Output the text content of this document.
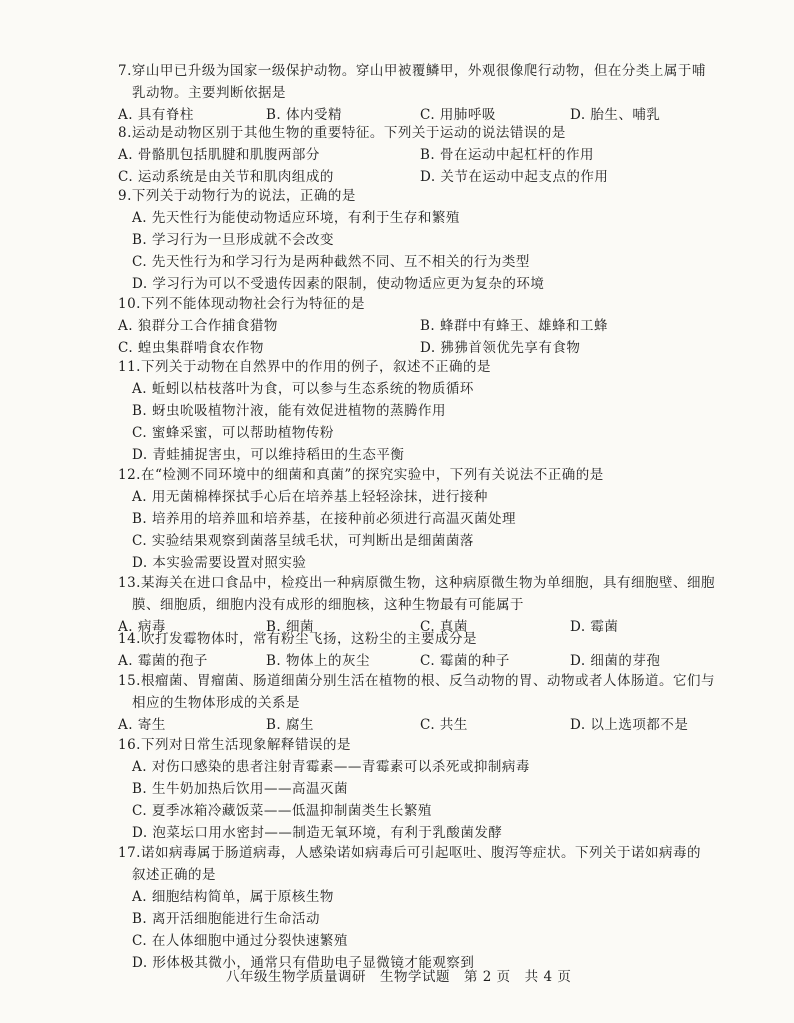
7.穿山甲已升级为国家一级保护动物。穿山甲被覆鳞甲，外观很像爬行动物，但在分类上属于哺
乳动物。主要判断依据是
A. 具有脊柱	B. 体内受精	C. 用肺呼吸	D. 胎生、哺乳
8.运动是动物区别于其他生物的重要特征。下列关于运动的说法错误的是
A. 骨骼肌包括肌腱和肌腹两部分	B. 骨在运动中起杠杆的作用
C. 运动系统是由关节和肌肉组成的	D. 关节在运动中起支点的作用
9.下列关于动物行为的说法，正确的是
A. 先天性行为能使动物适应环境，有利于生存和繁殖
B. 学习行为一旦形成就不会改变
C. 先天性行为和学习行为是两种截然不同、互不相关的行为类型
D. 学习行为可以不受遗传因素的限制，使动物适应更为复杂的环境
10.下列不能体现动物社会行为特征的是
A. 狼群分工合作捕食猎物	B. 蜂群中有蜂王、雄蜂和工蜂
C. 蝗虫集群啃食农作物	D. 狒狒首领优先享有食物
11.下列关于动物在自然界中的作用的例子，叙述不正确的是
A. 蚯蚓以枯枝落叶为食，可以参与生态系统的物质循环
B. 蚜虫吮吸植物汁液，能有效促进植物的蒸腾作用
C. 蜜蜂采蜜，可以帮助植物传粉
D. 青蛙捕捉害虫，可以维持稻田的生态平衡
12.在“检测不同环境中的细菌和真菌”的探究实验中，下列有关说法不正确的是
A. 用无菌棉棒探拭手心后在培养基上轻轻涂抹，进行接种
B. 培养用的培养皿和培养基，在接种前必须进行高温灭菌处理
C. 实验结果观察到菌落呈绒毛状，可判断出是细菌菌落
D. 本实验需要设置对照实验
13.某海关在进口食品中，检疫出一种病原微生物，这种病原微生物为单细胞，具有细胞壁、细胞
膜、细胞质，细胞内没有成形的细胞核，这种生物最有可能属于
A. 病毒	B. 细菌	C. 真菌	D. 霉菌
14.吹打发霉物体时，常有粉尘飞扬，这粉尘的主要成分是
A. 霉菌的孢子	B. 物体上的灰尘	C. 霉菌的种子	D. 细菌的芽孢
15.根瘤菌、胃瘤菌、肠道细菌分别生活在植物的根、反刍动物的胃、动物或者人体肠道。它们与
相应的生物体形成的关系是
A. 寄生	B. 腐生	C. 共生	D. 以上选项都不是
16.下列对日常生活现象解释错误的是
A. 对伤口感染的患者注射青霉素——青霉素可以杀死或抑制病毒
B. 生牛奶加热后饮用——高温灭菌
C. 夏季冰箱冷藏饭菜——低温抑制菌类生长繁殖
D. 泡菜坛口用水密封——制造无氧环境，有利于乳酸菌发酵
17.诺如病毒属于肠道病毒，人感染诺如病毒后可引起呕吐、腹泻等症状。下列关于诺如病毒的
叙述正确的是
A. 细胞结构简单，属于原核生物
B. 离开活细胞能进行生命活动
C. 在人体细胞中通过分裂快速繁殖
D. 形体极其微小，通常只有借助电子显微镜才能观察到
八年级生物学质量调研　生物学试题　第 2 页　共 4 页
